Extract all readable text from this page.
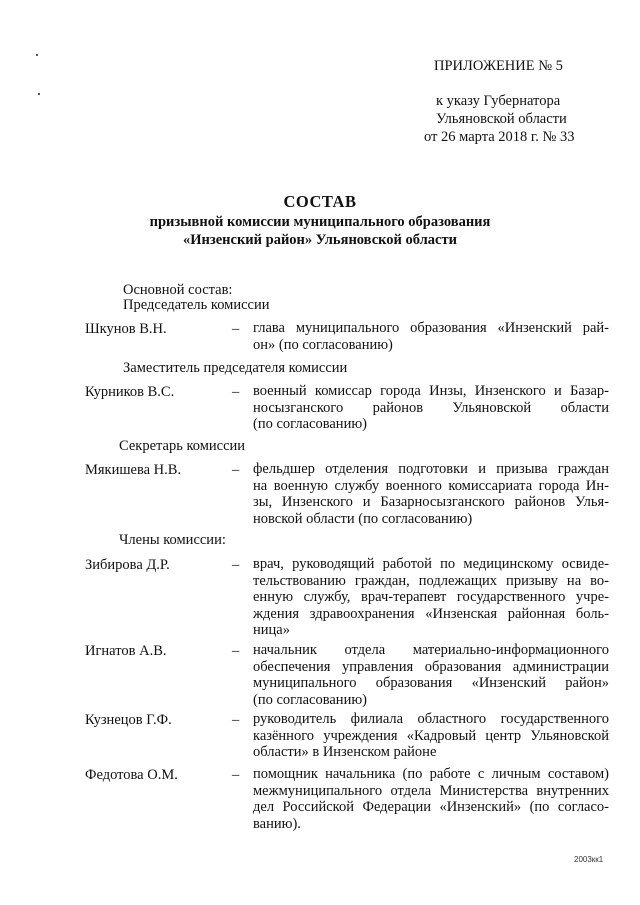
ПРИЛОЖЕНИЕ № 5
к указу Губернатора
Ульяновской области
от 26 марта 2018 г. № 33
СОСТАВ
призывной комиссии муниципального образования
«Инзенский район» Ульяновской области
Основной состав:
Председатель комиссии
Шкунов В.Н.	– глава муниципального образования «Инзенский рай-
он» (по согласованию)
Заместитель председателя комиссии
Курников В.С.	– военный комиссар города Инзы, Инзенского и Базар-
носызганского районов Ульяновской области
(по согласованию)
Секретарь комиссии
Мякишева Н.В.	– фельдшер отделения подготовки и призыва граждан
на военную службу военного комиссариата города Ин-
зы, Инзенского и Базарносызганского районов Улья-
новской области (по согласованию)
Члены комиссии:
Зибирова Д.Р.	– врач, руководящий работой по медицинскому освиде-
тельствованию граждан, подлежащих призыву на во-
енную службу, врач-терапевт государственного учре-
ждения здравоохранения «Инзенская районная боль-
ница»
Игнатов А.В.	– начальник отдела материально-информационного
обеспечения управления образования администрации
муниципального образования «Инзенский район»
(по согласованию)
Кузнецов Г.Ф.	– руководитель филиала областного государственного
казённого учреждения «Кадровый центр Ульяновской
области» в Инзенском районе
Федотова О.М.	– помощник начальника (по работе с личным составом)
межмуниципального отдела Министерства внутренних
дел Российской Федерации «Инзенский» (по согласо-
ванию).
2003кк1
